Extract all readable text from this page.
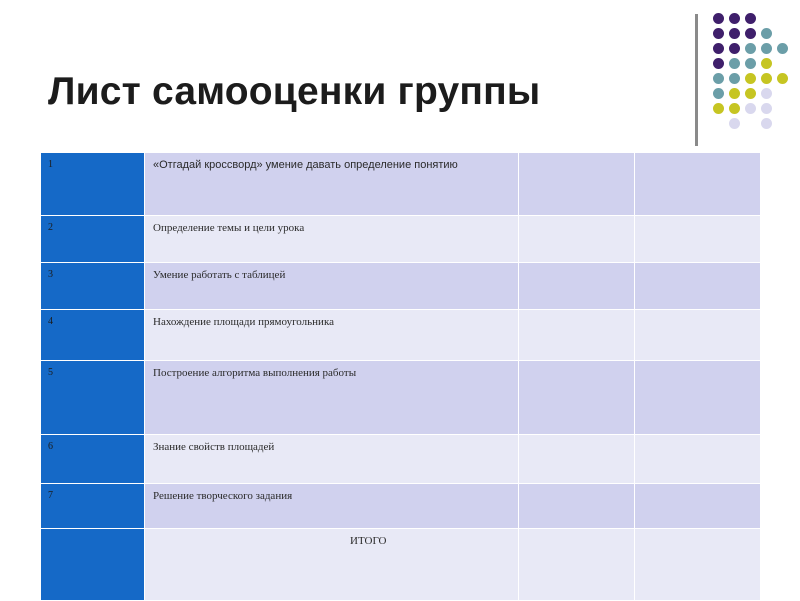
Лист самооценки группы
1	«Отгадай кроссворд» умение давать определение понятию		
2	Определение темы и цели урока		
3	Умение работать с таблицей		
4	Нахождение площади прямоугольника		
5	Построение алгоритма выполнения работы		
6	Знание свойств площадей		
7	Решение творческого задания		
	ИТОГО		
